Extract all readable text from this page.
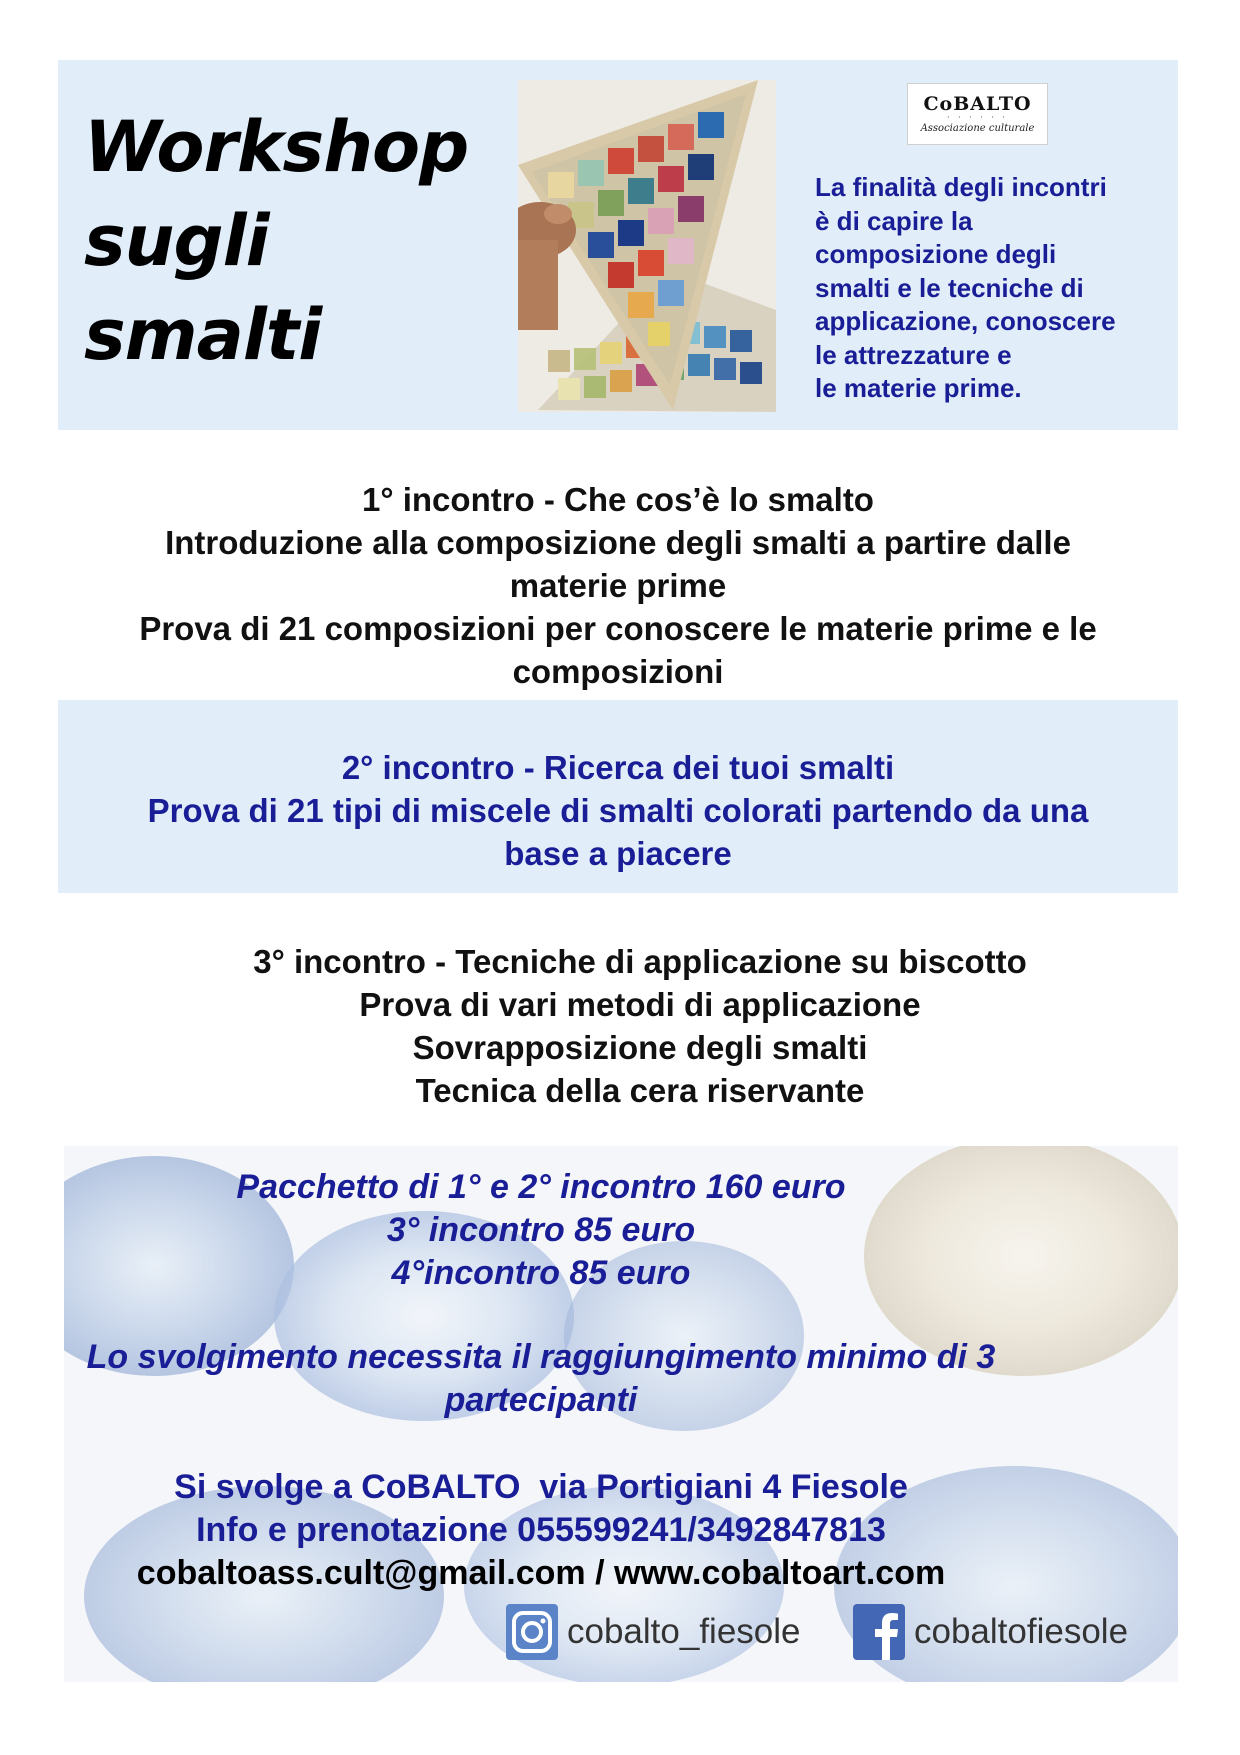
Workshop
sugli
smalti
CoBALTO
· · · · · ·
Associazione culturale
La finalità degli incontri
è di capire la
composizione degli
smalti e le tecniche di
applicazione, conoscere
le attrezzature e
le materie prime.
1° incontro - Che cos’è lo smalto
Introduzione alla composizione degli smalti a partire dalle
materie prime
Prova di 21 composizioni per conoscere le materie prime e le
composizioni
2° incontro - Ricerca dei tuoi smalti
Prova di 21 tipi di miscele di smalti colorati partendo da una
base a piacere
3° incontro - Tecniche di applicazione su biscotto
Prova di vari metodi di applicazione
Sovrapposizione degli smalti
Tecnica della cera riservante
Pacchetto di 1° e 2° incontro 160 euro
3° incontro 85 euro
4°incontro 85 euro
Lo svolgimento necessita il raggiungimento minimo di 3
partecipanti
Si svolge a CoBALTO  via Portigiani 4 Fiesole
Info e prenotazione 055599241/3492847813
cobaltoass.cult@gmail.com / www.cobaltoart.com
cobalto_fiesole	cobaltofiesole
